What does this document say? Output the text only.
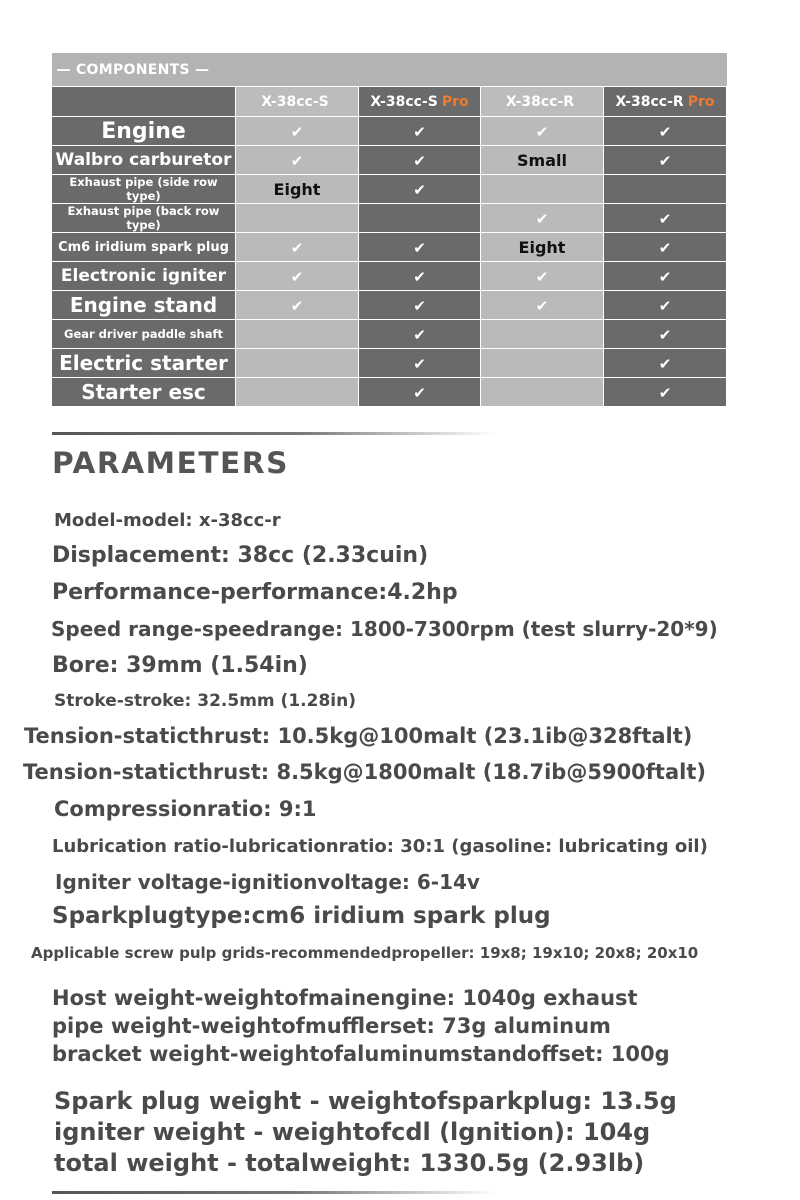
— COMPONENTS —				
	X-38cc-S	X-38cc-S Pro	X-38cc-R	X-38cc-R Pro
Engine	✔	✔	✔	✔
Walbro carburetor	✔	✔	Small	✔
Exhaust pipe (side row type)	Eight	✔		
Exhaust pipe (back row type)			✔	✔
Cm6 iridium spark plug	✔	✔	Eight	✔
Electronic igniter	✔	✔	✔	✔
Engine stand	✔	✔	✔	✔
Gear driver paddle shaft		✔		✔
Electric starter		✔		✔
Starter esc		✔		✔
PARAMETERS

Model-model: x-38cc-r

Displacement: 38cc (2.33cuin)

Performance-performance:4.2hp

Speed range-speedrange: 1800-7300rpm (test slurry-20*9)

Bore: 39mm (1.54in)

Stroke-stroke: 32.5mm (1.28in)

Tension-staticthrust: 10.5kg@100malt (23.1ib@328ftalt)

Tension-staticthrust: 8.5kg@1800malt (18.7ib@5900ftalt)

Compressionratio: 9:1

Lubrication ratio-lubricationratio: 30:1 (gasoline: lubricating oil)

Igniter voltage-ignitionvoltage: 6-14v

Sparkplugtype:cm6 iridium spark plug

Applicable screw pulp grids-recommendedpropeller: 19x8; 19x10; 20x8; 20x10

Host weight-weightofmainengine: 1040g exhaust
pipe weight-weightofmufflerset: 73g aluminum
bracket weight-weightofaluminumstandoffset: 100g
Spark plug weight - weightofsparkplug: 13.5g
igniter weight - weightofcdl (lgnition): 104g
total weight - totalweight: 1330.5g (2.93lb)
